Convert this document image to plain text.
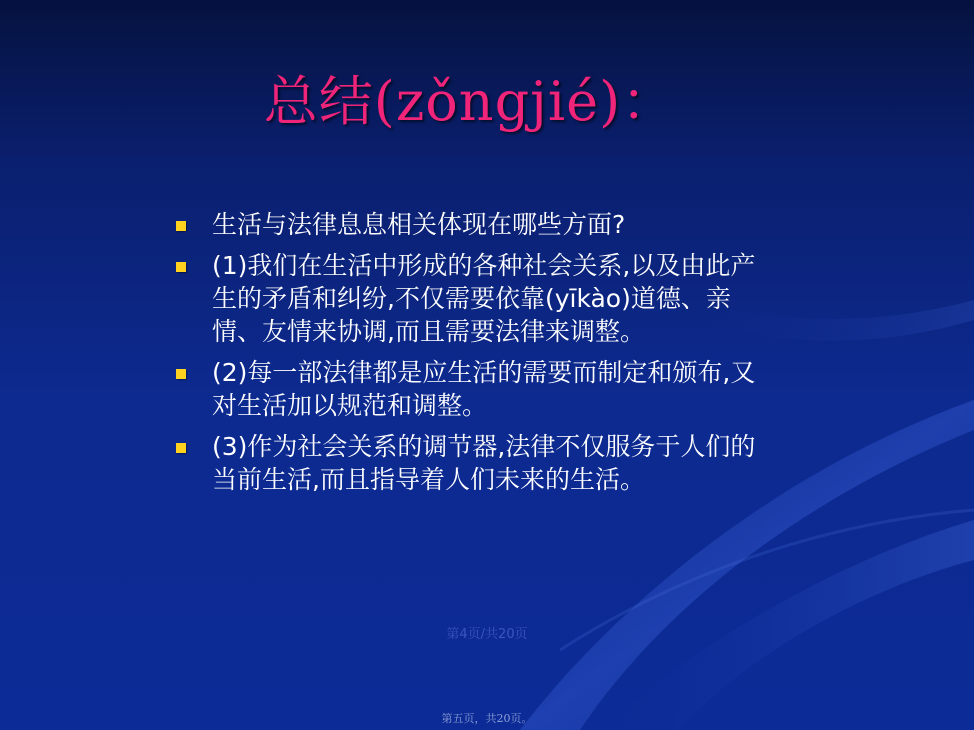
总结(zǒngjié)：
生活与法律息息相关体现在哪些方面?
(1)我们在生活中形成的各种社会关系,以及由此产生的矛盾和纠纷,不仅需要依靠(yīkào)道德、亲情、友情来协调,而且需要法律来调整。
(2)每一部法律都是应生活的需要而制定和颁布,又对生活加以规范和调整。
(3)作为社会关系的调节器,法律不仅服务于人们的当前生活,而且指导着人们未来的生活。
第4页/共20页
第五页，共20页。
